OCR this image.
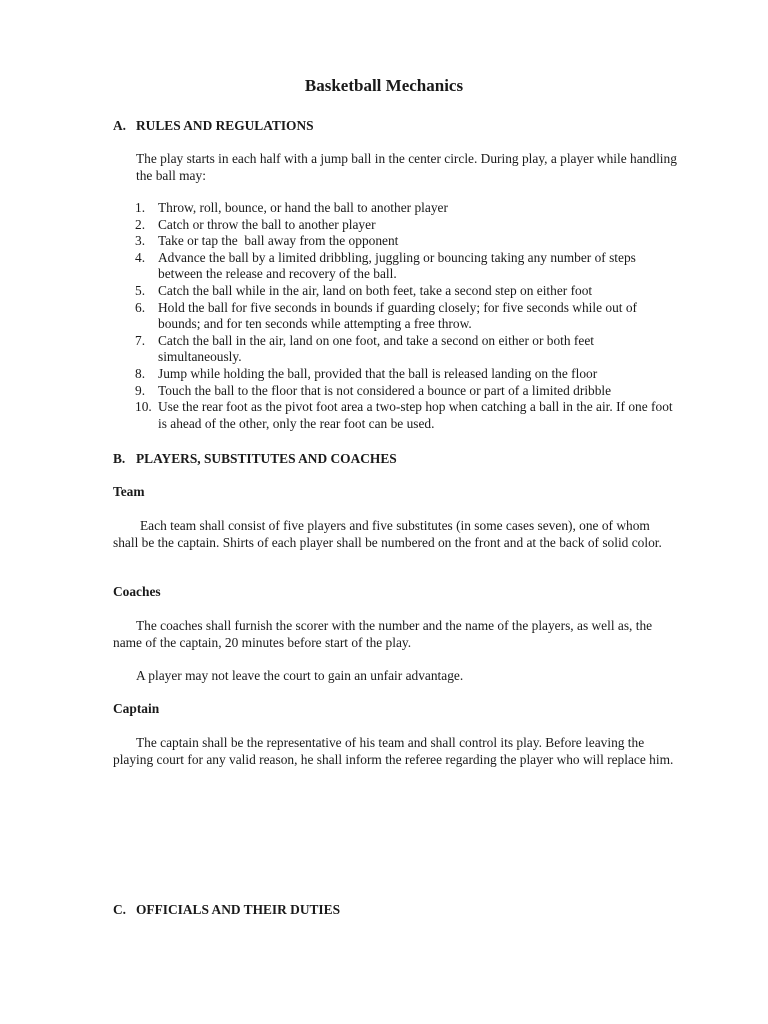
Basketball Mechanics
A. RULES AND REGULATIONS
The play starts in each half with a jump ball in the center circle. During play, a player while handling the ball may:
1. Throw, roll, bounce, or hand the ball to another player
2. Catch or throw the ball to another player
3. Take or tap the  ball away from the opponent
4. Advance the ball by a limited dribbling, juggling or bouncing taking any number of steps between the release and recovery of the ball.
5. Catch the ball while in the air, land on both feet, take a second step on either foot
6. Hold the ball for five seconds in bounds if guarding closely; for five seconds while out of bounds; and for ten seconds while attempting a free throw.
7. Catch the ball in the air, land on one foot, and take a second on either or both feet simultaneously.
8. Jump while holding the ball, provided that the ball is released landing on the floor
9. Touch the ball to the floor that is not considered a bounce or part of a limited dribble
10. Use the rear foot as the pivot foot area a two-step hop when catching a ball in the air. If one foot is ahead of the other, only the rear foot can be used.
B. PLAYERS, SUBSTITUTES AND COACHES
Team
Each team shall consist of five players and five substitutes (in some cases seven), one of whom shall be the captain. Shirts of each player shall be numbered on the front and at the back of solid color.
Coaches
The coaches shall furnish the scorer with the number and the name of the players, as well as, the name of the captain, 20 minutes before start of the play.
A player may not leave the court to gain an unfair advantage.
Captain
The captain shall be the representative of his team and shall control its play. Before leaving the playing court for any valid reason, he shall inform the referee regarding the player who will replace him.
C. OFFICIALS AND THEIR DUTIES
